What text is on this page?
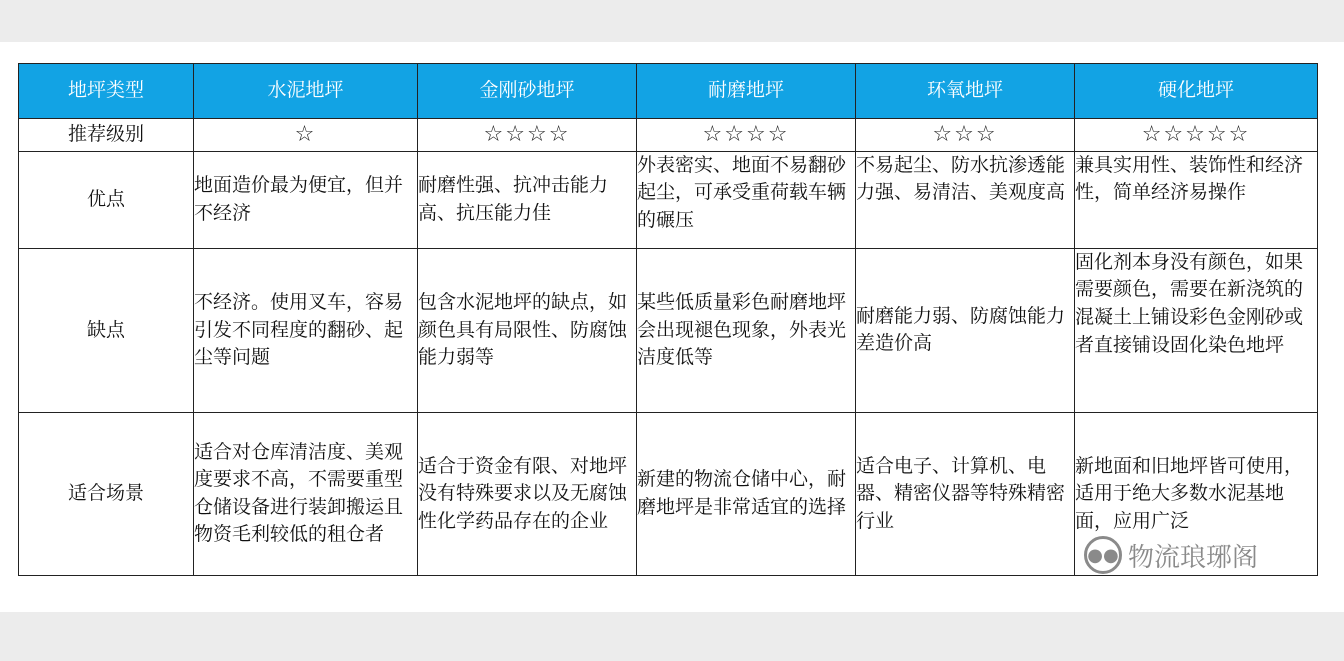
地坪类型	水泥地坪	金刚砂地坪	耐磨地坪	环氧地坪	硬化地坪
推荐级别	☆	☆☆☆☆	☆☆☆☆	☆☆☆	☆☆☆☆☆
优点	地面造价最为便宜，但并不经济	耐磨性强、抗冲击能力高、抗压能力佳	外表密实、地面不易翻砂起尘，可承受重荷载车辆的碾压	不易起尘、防水抗渗透能力强、易清洁、美观度高	兼具实用性、装饰性和经济性，简单经济易操作
缺点	不经济。使用叉车，容易引发不同程度的翻砂、起尘等问题	包含水泥地坪的缺点，如颜色具有局限性、防腐蚀能力弱等	某些低质量彩色耐磨地坪会出现褪色现象，外表光洁度低等	耐磨能力弱、防腐蚀能力差造价高	固化剂本身没有颜色，如果需要颜色，需要在新浇筑的混凝土上铺设彩色金刚砂或者直接铺设固化染色地坪
适合场景	适合对仓库清洁度、美观度要求不高，不需要重型仓储设备进行装卸搬运且物资毛利较低的租仓者	适合于资金有限、对地坪没有特殊要求以及无腐蚀性化学药品存在的企业	新建的物流仓储中心，耐磨地坪是非常适宜的选择	适合电子、计算机、电器、精密仪器等特殊精密行业	新地面和旧地坪皆可使用，适用于绝大多数水泥基地面，应用广泛
●● 物流琅琊阁
